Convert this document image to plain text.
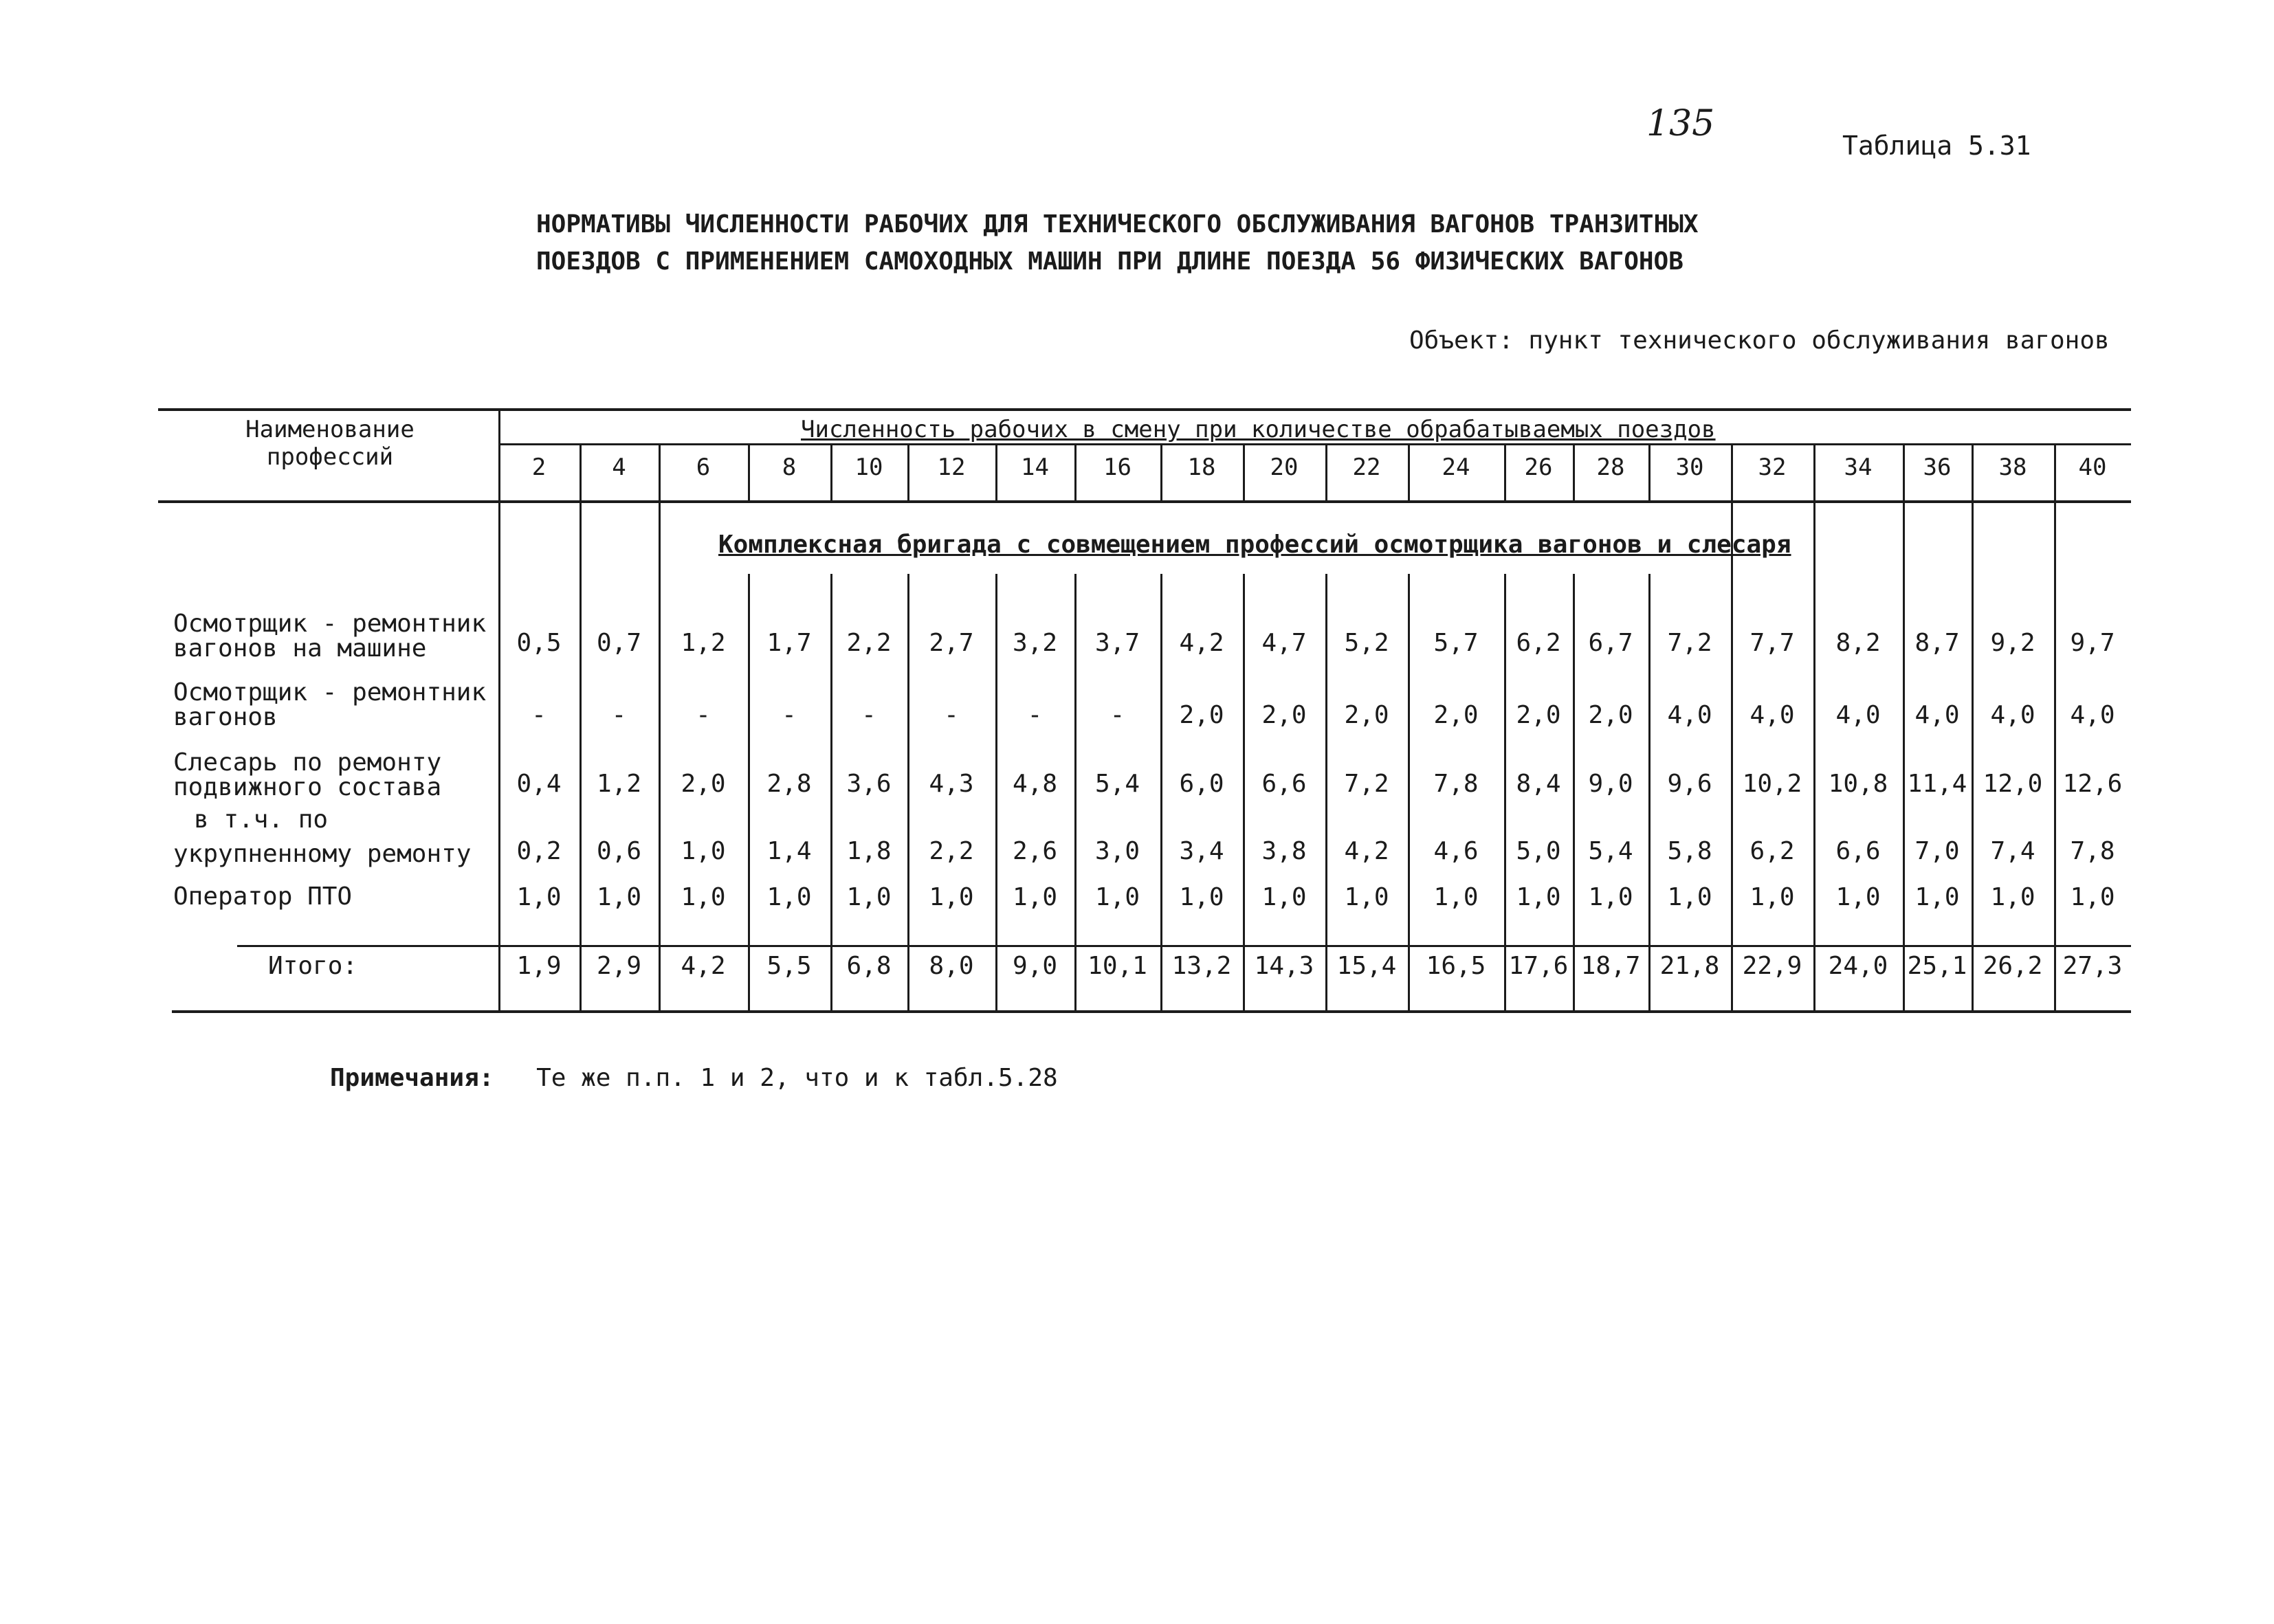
135
Таблица 5.31
НОРМАТИВЫ ЧИСЛЕННОСТИ РАБОЧИХ ДЛЯ ТЕХНИЧЕСКОГО ОБСЛУЖИВАНИЯ ВАГОНОВ ТРАНЗИТНЫХ
ПОЕЗДОВ С ПРИМЕНЕНИЕМ САМОХОДНЫХ МАШИН ПРИ ДЛИНЕ ПОЕЗДА 56 ФИЗИЧЕСКИХ ВАГОНОВ
Объект: пункт технического обслуживания вагонов
Наименование профессий
Численность рабочих в смену при количестве обрабатываемых поездов
2	4	6	8	10	12	14	16	18	20	22	24	26	28	30	32	34	36	38	40
Комплексная бригада с совмещением профессий осмотрщика вагонов и слесаря
Осмотрщик - ремонтник вагонов на машине	0,5	0,7	1,2	1,7	2,2	2,7	3,2	3,7	4,2	4,7	5,2	5,7	6,2	6,7	7,2	7,7	8,2	8,7	9,2	9,7
Осмотрщик - ремонтник вагонов	-	-	-	-	-	-	-	-	2,0	2,0	2,0	2,0	2,0	2,0	4,0	4,0	4,0	4,0	4,0	4,0
Слесарь по ремонту подвижного состава	0,4	1,2	2,0	2,8	3,6	4,3	4,8	5,4	6,0	6,6	7,2	7,8	8,4	9,0	9,6	10,2	10,8 11,4 12,0 12,6
в т.ч. по укрупненному ремонту	0,2	0,6	1,0	1,4	1,8	2,2	2,6	3,0	3,4	3,8	4,2	4,6	5,0	5,4	5,8	6,2	6,6	7,0	7,4	7,8
Оператор ПТО	1,0	1,0	1,0	1,0	1,0	1,0	1,0	1,0	1,0	1,0	1,0	1,0	1,0	1,0	1,0	1,0	1,0	1,0	1,0	1,0
Итого:	1,9	2,9	4,2	5,5	6,8	8,0	9,0	10,1 13,2 14,3 15,4	16,5 17,6 18,7 21,8 22,9	24,0 25,1 26,2 27,3
Примечания: Те же п.п. 1 и 2, что и к табл.5.28
